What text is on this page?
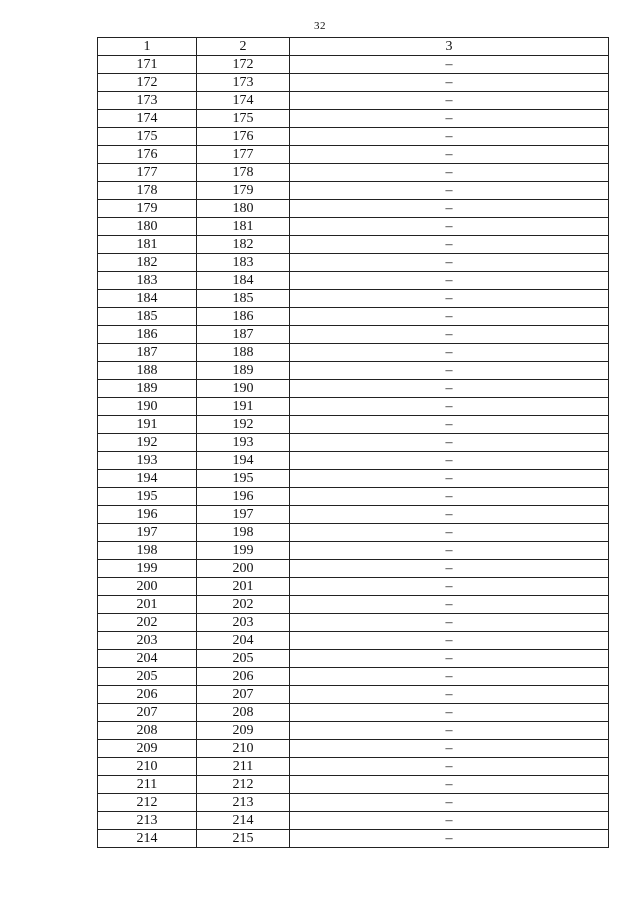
32
1	2	3
171	172	–
172	173	–
173	174	–
174	175	–
175	176	–
176	177	–
177	178	–
178	179	–
179	180	–
180	181	–
181	182	–
182	183	–
183	184	–
184	185	–
185	186	–
186	187	–
187	188	–
188	189	–
189	190	–
190	191	–
191	192	–
192	193	–
193	194	–
194	195	–
195	196	–
196	197	–
197	198	–
198	199	–
199	200	–
200	201	–
201	202	–
202	203	–
203	204	–
204	205	–
205	206	–
206	207	–
207	208	–
208	209	–
209	210	–
210	211	–
211	212	–
212	213	–
213	214	–
214	215	–
